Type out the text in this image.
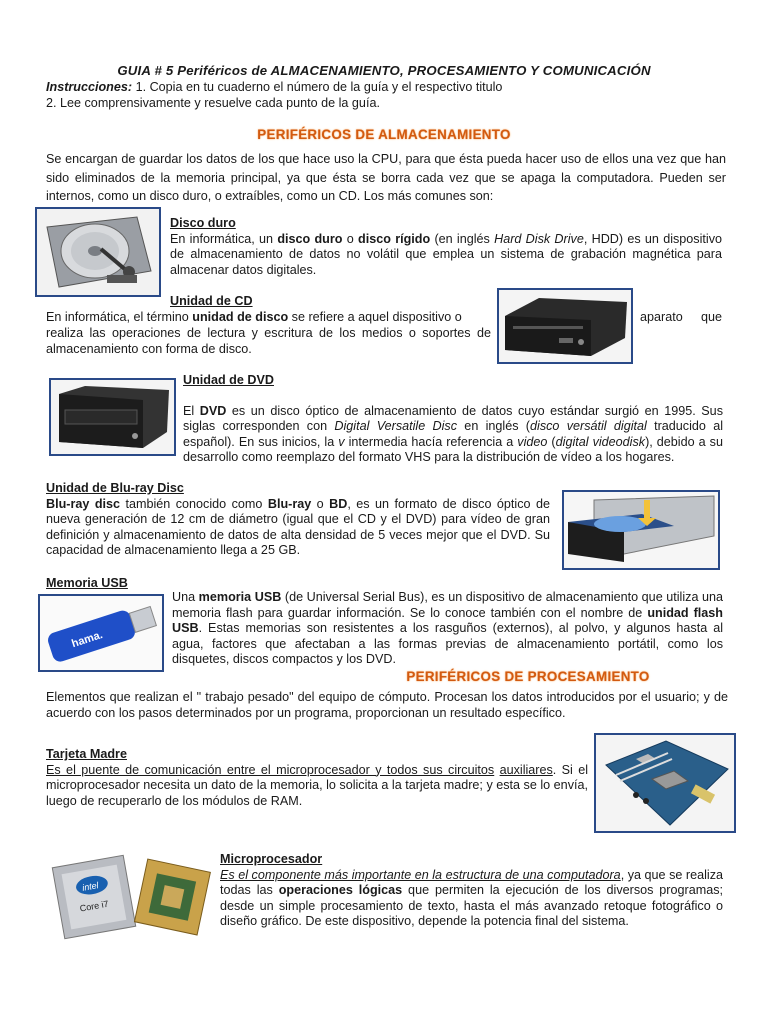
GUIA # 5 Periféricos de ALMACENAMIENTO, PROCESAMIENTO Y COMUNICACIÓN
Instrucciones: 1. Copia en tu cuaderno el número de la guía y el respectivo titulo
2. Lee comprensivamente y resuelve cada punto de la guía.
PERIFÉRICOS DE ALMACENAMIENTO
Se encargan de guardar los datos de los que hace uso la CPU, para que ésta pueda hacer uso de ellos una vez que han sido eliminados de la memoria principal, ya que ésta se borra cada vez que se apaga la computadora. Pueden ser internos, como un disco duro, o extraíbles, como un CD. Los más comunes son:
Disco duro
En informática, un disco duro o disco rígido (en inglés Hard Disk Drive, HDD) es un dispositivo de almacenamiento de datos no volátil que emplea un sistema de grabación magnética para almacenar datos digitales.
Unidad de CD
En informática, el término unidad de disco se refiere a aquel dispositivo o	aparato que
realiza las operaciones de lectura y escritura de los medios o soportes de almacenamiento con forma de disco.
Unidad de DVD
El DVD es un disco óptico de almacenamiento de datos cuyo estándar surgió en 1995. Sus siglas corresponden con Digital Versatile Disc en inglés (disco versátil digital traducido al español). En sus inicios, la v intermedia hacía referencia a video (digital videodisk), debido a su desarrollo como reemplazo del formato VHS para la distribución de vídeo a los hogares.
Unidad de Blu-ray Disc
Blu-ray disc también conocido como Blu-ray o BD, es un formato de disco óptico de nueva generación de 12 cm de diámetro (igual que el CD y el DVD) para vídeo de gran definición y almacenamiento de datos de alta densidad de 5 veces mejor que el DVD. Su capacidad de almacenamiento llega a 25 GB.
Memoria USB
hama.
Una memoria USB (de Universal Serial Bus), es un dispositivo de almacenamiento que utiliza una memoria flash para guardar información. Se lo conoce también con el nombre de unidad flash USB. Estas memorias son resistentes a los rasguños (externos), al polvo, y algunos hasta al agua, factores que afectaban a las formas previas de almacenamiento portátil, como los disquetes, discos compactos y los DVD.
PERIFÉRICOS DE PROCESAMIENTO
Elementos que realizan el " trabajo pesado" del equipo de cómputo. Procesan los datos introducidos por el usuario; y de acuerdo con los pasos determinados por un programa, proporcionan un resultado específico.
Tarjeta Madre
Es el puente de comunicación entre el microprocesador y todos sus circuitos auxiliares. Si el microprocesador necesita un dato de la memoria, lo solicita a la tarjeta madre; y esta se lo envía, luego de recuperarlo de los módulos de RAM.
intel
Core i7
Microprocesador
Es el componente más importante en la estructura de una computadora, ya que se realiza todas las operaciones lógicas que permiten la ejecución de los diversos programas; desde un simple procesamiento de texto, hasta el más avanzado retoque fotográfico o diseño gráfico. De este dispositivo, depende la potencia final del sistema.
